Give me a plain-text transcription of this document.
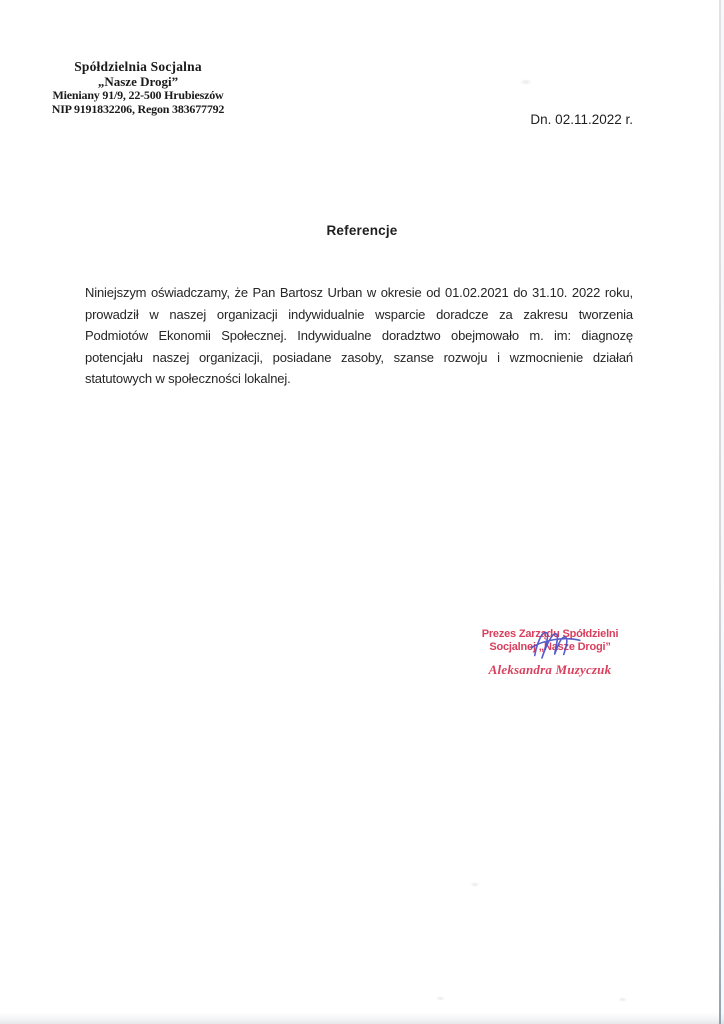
Spółdzielnia Socjalna
„Nasze Drogi”
Mieniany 91/9, 22-500 Hrubieszów
NIP 9191832206, Regon 383677792
Dn. 02.11.2022 r.
Referencje
Niniejszym oświadczamy, że Pan Bartosz Urban w okresie od 01.02.2021 do 31.10. 2022 roku,
prowadził w naszej organizacji indywidualnie wsparcie doradcze za zakresu tworzenia
Podmiotów Ekonomii Społecznej. Indywidualne doradztwo obejmowało m. im: diagnozę
potencjału naszej organizacji, posiadane zasoby, szanse rozwoju i wzmocnienie działań
statutowych w społeczności lokalnej.
Prezes Zarządu Spółdzielni
Socjalnej „Nasze Drogi”
Aleksandra Muzyczuk
